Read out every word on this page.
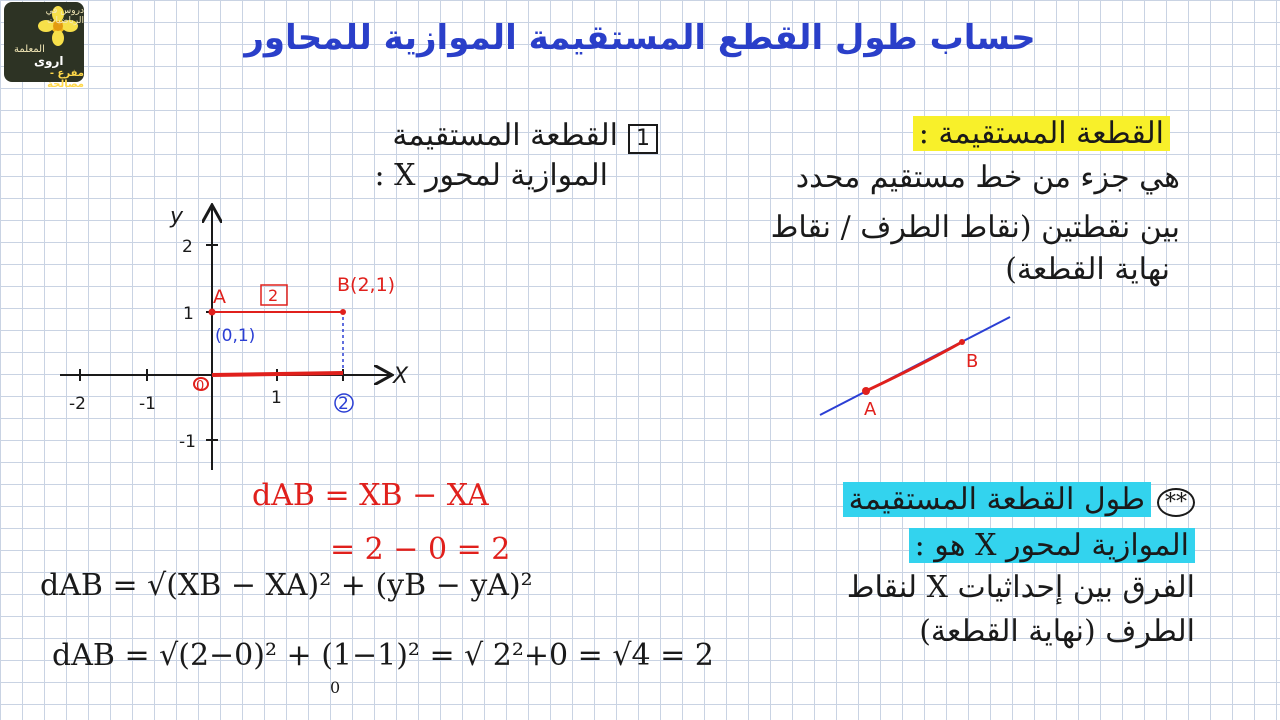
حساب طول القطع المستقيمة الموازية للمحاور
دروس في الرياضيات
المعلمة
اروى
مفرع - مصالحة
القطعة المستقيمة :
هي جزء من خط مستقيم محدد
بين نقطتين (نقاط الطرف / نقاط
نهاية القطعة)
A
B
**طول القطعة المستقيمة
الموازية لمحور X هو :
الفرق بين إحداثيات X لنقاط
الطرف (نهاية القطعة)
1القطعة المستقيمة
الموازية لمحور X :
-2	-1	1	2
2
1
-1
0	X
y
A
(0,1)
2	B(2,1)
dAB = XB − XA
= 2 − 0 = 2
dAB = √(XB − XA)² + (yB − yA)²
dAB = √(2−0)² + (1−1)² = √ 2²+0 = √4 = 2
0
